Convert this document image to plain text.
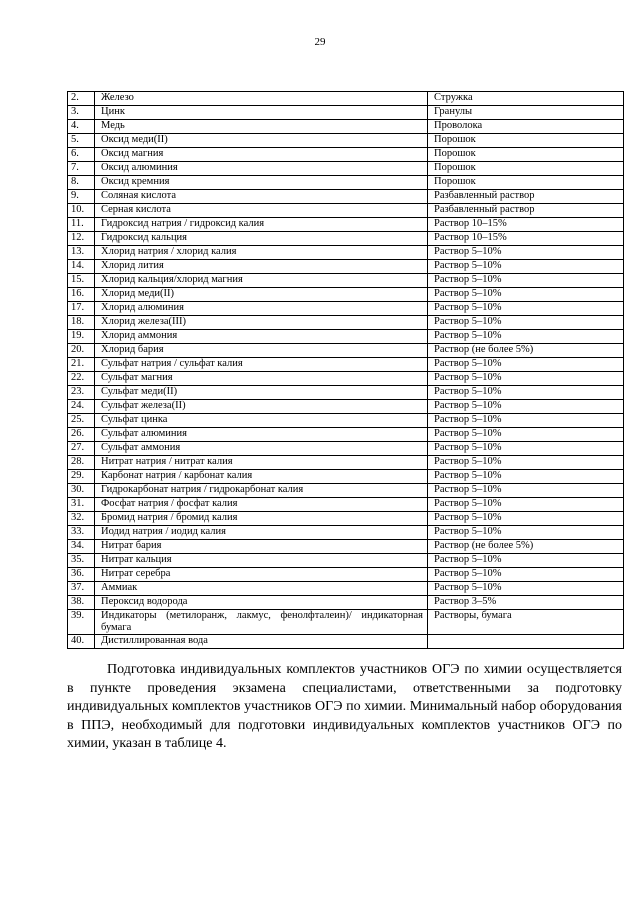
29
2.	Железо	Стружка
3.	Цинк	Гранулы
4.	Медь	Проволока
5.	Оксид меди(II)	Порошок
6.	Оксид магния	Порошок
7.	Оксид алюминия	Порошок
8.	Оксид кремния	Порошок
9.	Соляная кислота	Разбавленный раствор
10.	Серная кислота	Разбавленный раствор
11.	Гидроксид натрия / гидроксид калия	Раствор 10–15%
12.	Гидроксид кальция	Раствор 10–15%
13.	Хлорид натрия / хлорид калия	Раствор 5–10%
14.	Хлорид лития	Раствор 5–10%
15.	Хлорид кальция/хлорид магния	Раствор 5–10%
16.	Хлорид меди(II)	Раствор 5–10%
17.	Хлорид алюминия	Раствор 5–10%
18.	Хлорид железа(III)	Раствор 5–10%
19.	Хлорид аммония	Раствор 5–10%
20.	Хлорид бария	Раствор (не более 5%)
21.	Сульфат натрия / сульфат калия	Раствор 5–10%
22.	Сульфат магния	Раствор 5–10%
23.	Сульфат меди(II)	Раствор 5–10%
24.	Сульфат железа(II)	Раствор 5–10%
25.	Сульфат цинка	Раствор 5–10%
26.	Сульфат алюминия	Раствор 5–10%
27.	Сульфат аммония	Раствор 5–10%
28.	Нитрат натрия / нитрат калия	Раствор 5–10%
29.	Карбонат натрия / карбонат калия	Раствор 5–10%
30.	Гидрокарбонат натрия / гидрокарбонат калия	Раствор 5–10%
31.	Фосфат натрия / фосфат калия	Раствор 5–10%
32.	Бромид натрия / бромид калия	Раствор 5–10%
33.	Иодид натрия / иодид калия	Раствор 5–10%
34.	Нитрат бария	Раствор (не более 5%)
35.	Нитрат кальция	Раствор 5–10%
36.	Нитрат серебра	Раствор 5–10%
37.	Аммиак	Раствор 5–10%
38.	Пероксид водорода	Раствор 3–5%
39.	Индикаторы (метилоранж, лакмус, фенолфталеин)/ индикаторная бумага	Растворы, бумага
40.	Дистиллированная вода	

Подготовка индивидуальных комплектов участников ОГЭ по химии осуществляется в пункте проведения экзамена специалистами, ответственными за подготовку индивидуальных комплектов участников ОГЭ по химии. Минимальный набор оборудования в ППЭ, необходимый для подготовки индивидуальных комплектов участников ОГЭ по химии, указан в таблице 4.
